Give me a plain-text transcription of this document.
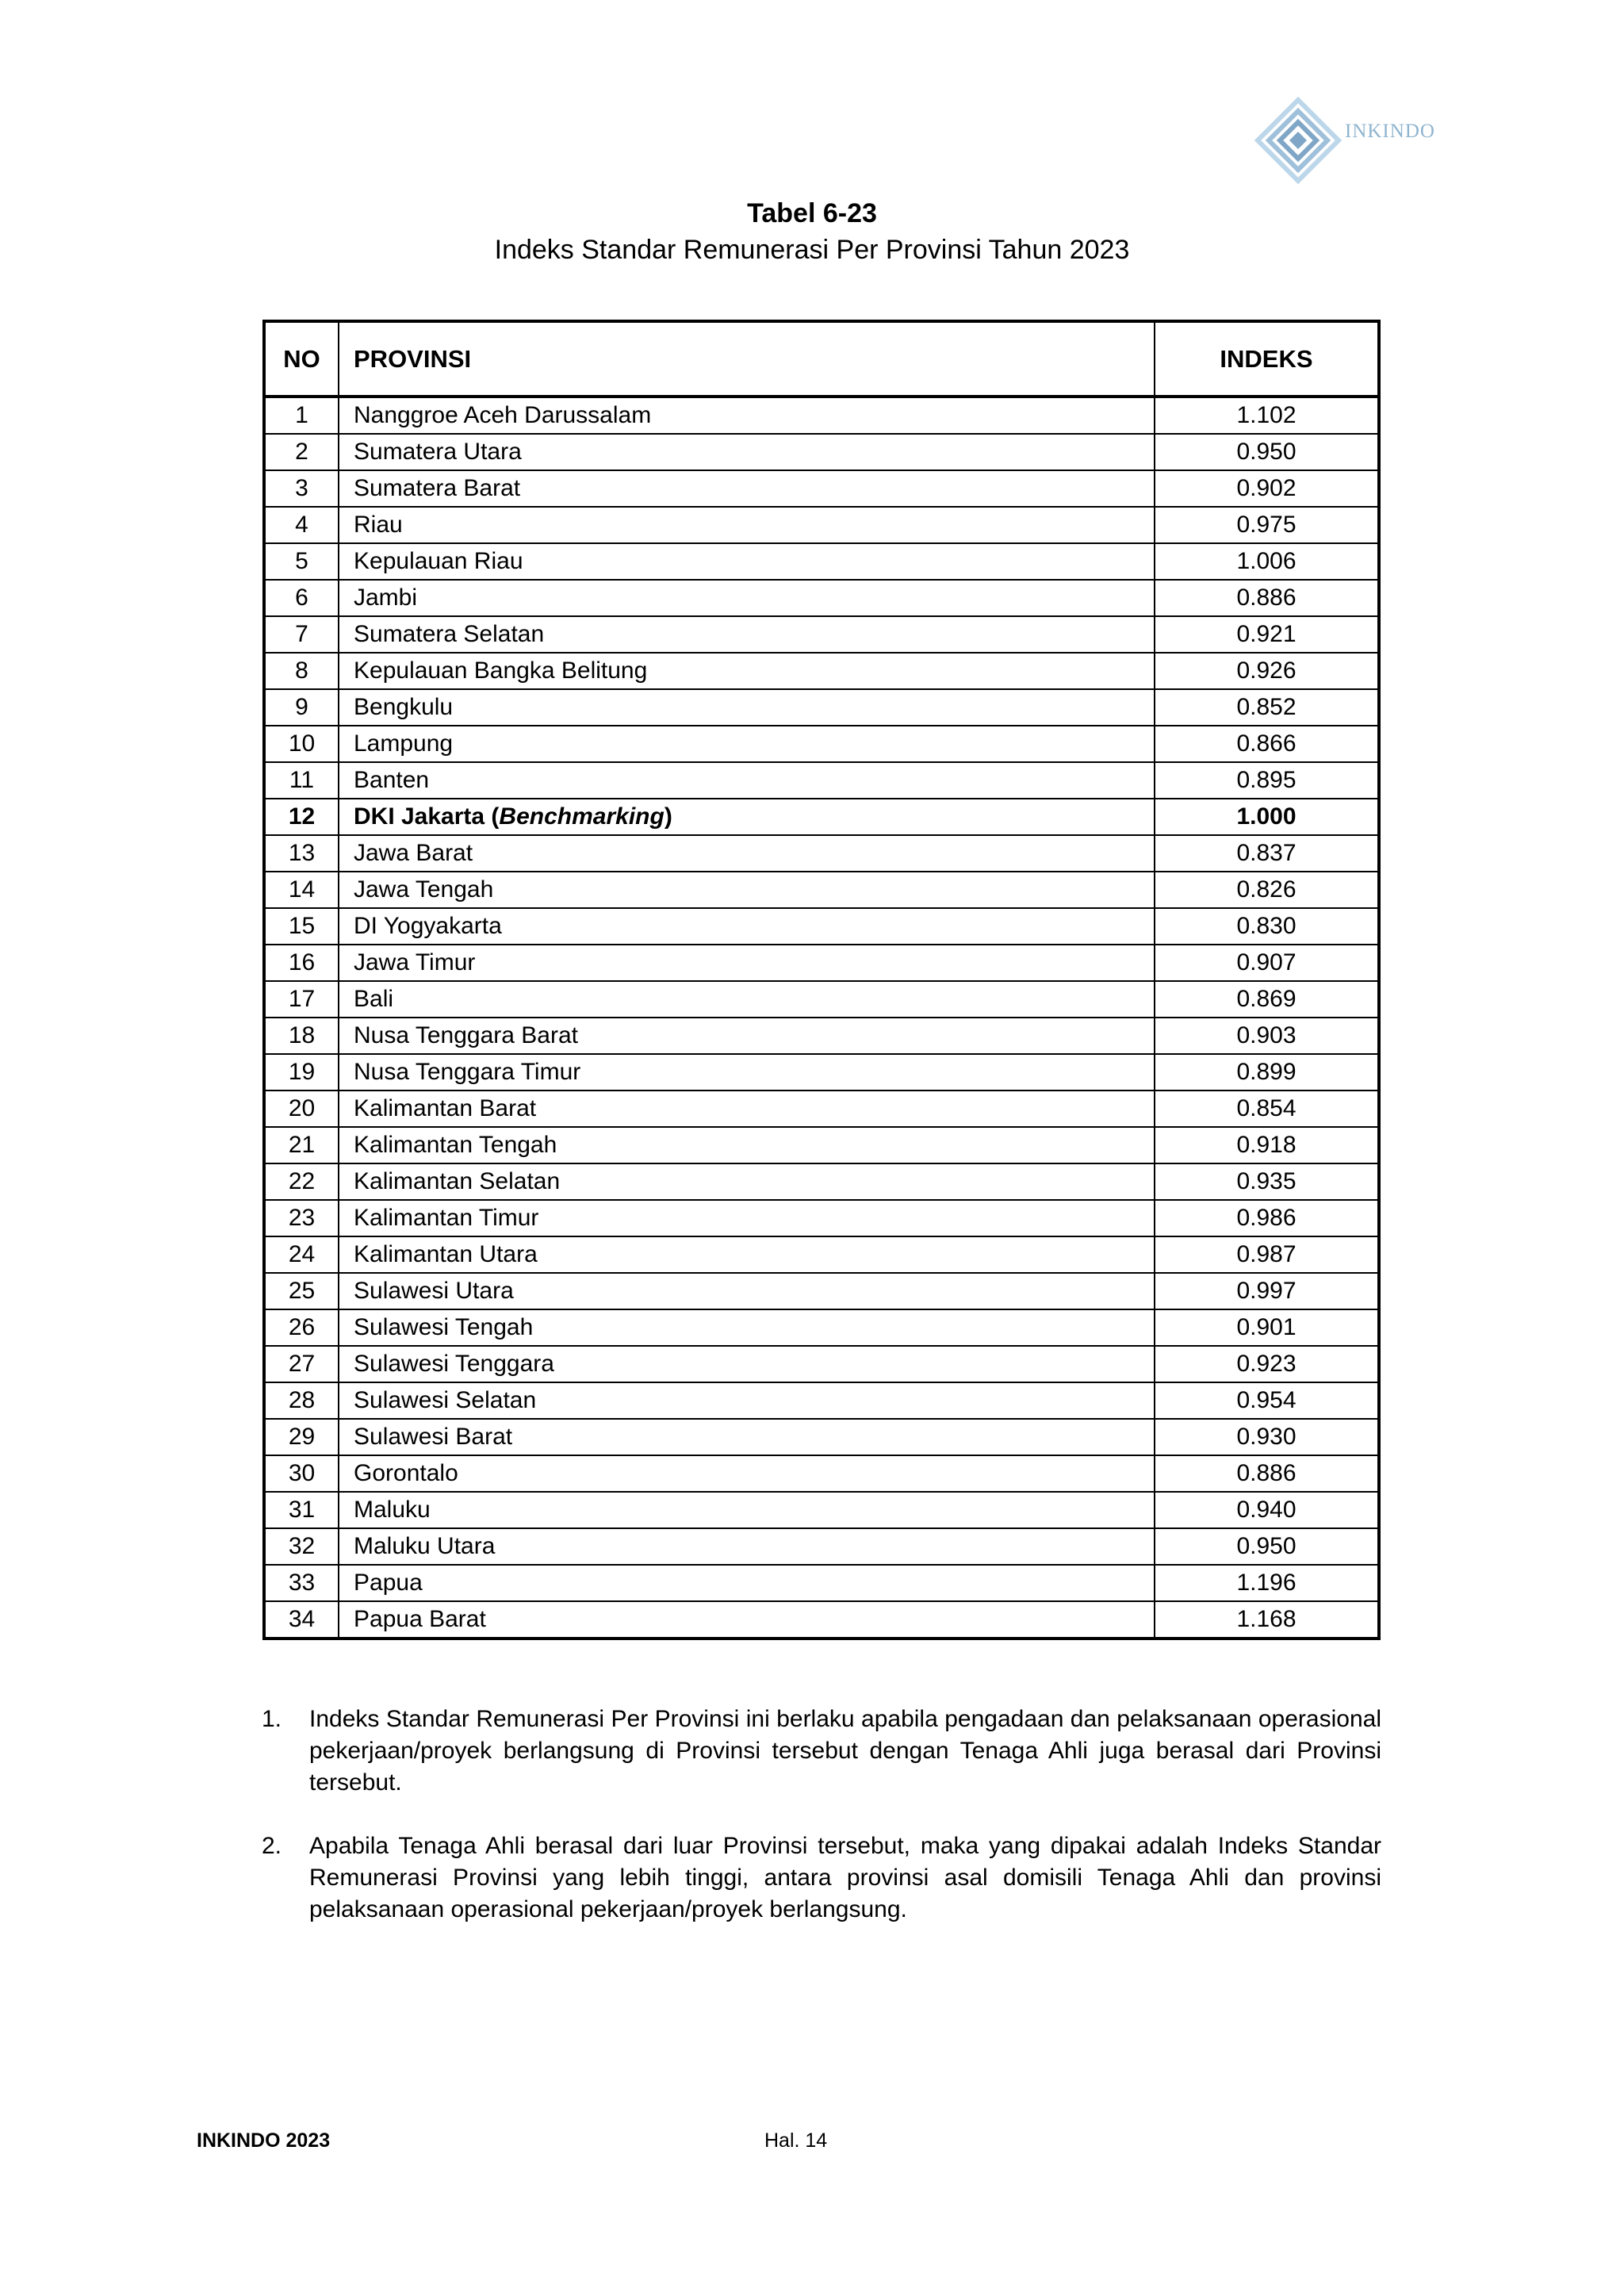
INKINDO
Tabel 6-23
Indeks Standar Remunerasi Per Provinsi Tahun 2023
NO	PROVINSI	INDEKS
1	Nanggroe Aceh Darussalam	1.102
2	Sumatera Utara	0.950
3	Sumatera Barat	0.902
4	Riau	0.975
5	Kepulauan Riau	1.006
6	Jambi	0.886
7	Sumatera Selatan	0.921
8	Kepulauan Bangka Belitung	0.926
9	Bengkulu	0.852
10	Lampung	0.866
11	Banten	0.895
12	DKI Jakarta (Benchmarking)	1.000
13	Jawa Barat	0.837
14	Jawa Tengah	0.826
15	DI Yogyakarta	0.830
16	Jawa Timur	0.907
17	Bali	0.869
18	Nusa Tenggara Barat	0.903
19	Nusa Tenggara Timur	0.899
20	Kalimantan Barat	0.854
21	Kalimantan Tengah	0.918
22	Kalimantan Selatan	0.935
23	Kalimantan Timur	0.986
24	Kalimantan Utara	0.987
25	Sulawesi Utara	0.997
26	Sulawesi Tengah	0.901
27	Sulawesi Tenggara	0.923
28	Sulawesi Selatan	0.954
29	Sulawesi Barat	0.930
30	Gorontalo	0.886
31	Maluku	0.940
32	Maluku Utara	0.950
33	Papua	1.196
34	Papua Barat	1.168
1.	Indeks Standar Remunerasi Per Provinsi ini berlaku apabila pengadaan dan pelaksanaan operasional pekerjaan/proyek berlangsung di Provinsi tersebut dengan Tenaga Ahli juga berasal dari Provinsi tersebut.
2.	Apabila Tenaga Ahli berasal dari luar Provinsi tersebut, maka yang dipakai adalah Indeks Standar Remunerasi Provinsi yang lebih tinggi, antara provinsi asal domisili Tenaga Ahli dan provinsi pelaksanaan operasional pekerjaan/proyek berlangsung.
INKINDO 2023	Hal. 14
